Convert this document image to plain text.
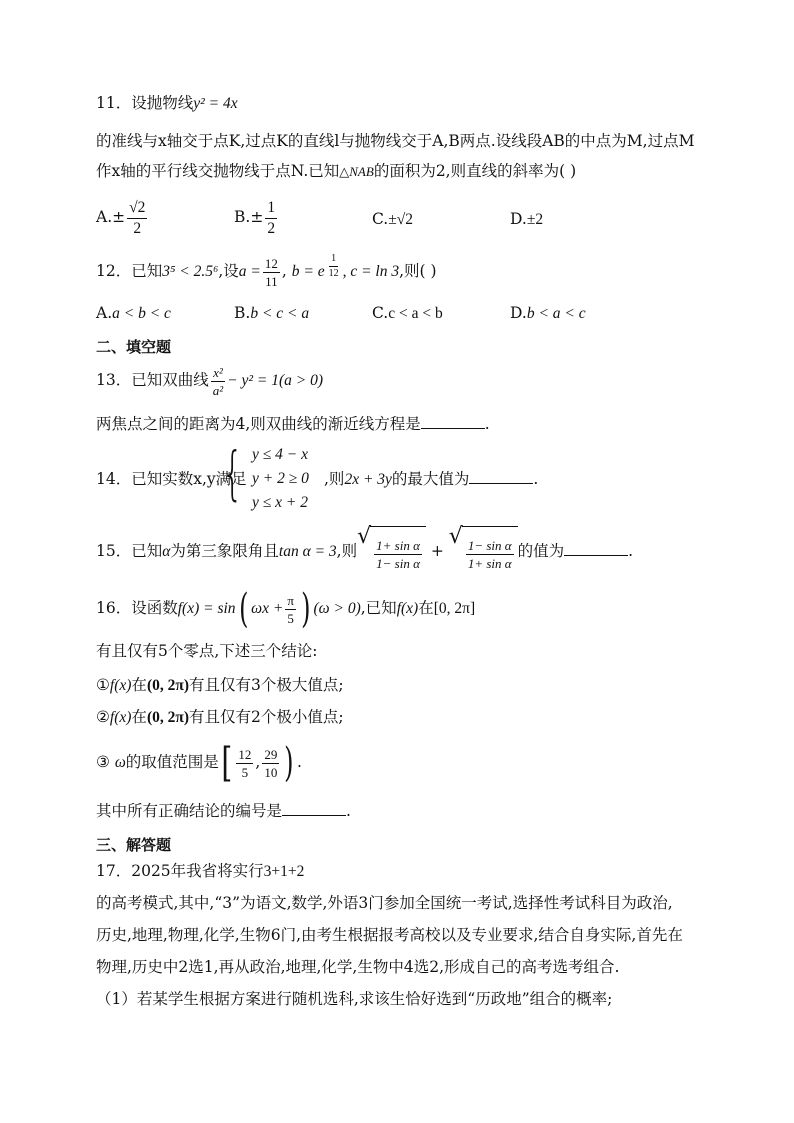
11．设抛物线y² = 4x
的准线与x轴交于点K,过点K的直线l与抛物线交于A,B两点.设线段AB的中点为M,过点M
作x轴的平行线交抛物线于点N.已知△NAB的面积为2,则直线的斜率为( )
$A.\pm \frac{√2}{2}$	$B.\pm \frac{1}{2}$	C.±√2	D.±2
12．已知3⁵ < 2.5⁶,设$a = \frac{12}{11}$ , b = e $\frac{1}{12}$ , c = ln 3,则( )
A.a < b < c	B.b < c < a	C.c < a < b	D.b < a < c
二、填空题
13．已知双曲线 $\frac{\text{x²}}{\text{a²}} - y^2 = 1(a > 0)$
两焦点之间的距离为4,则双曲线的渐近线方程是	.
14．已知实数x,y满足
{ y ≤ 4 − x
y + 2 ≥ 0
y ≤ x + 2
,则2x + 3y的最大值为	.
15．已知α为第三象限角且tan α = 3,则
√
$\frac{\text{1+ sin α}}{\text{1− sin α}}$ +
√
$\frac{\text{1− sin α}}{\text{1+ sin α}}$ 的值为	.
16．设函数f(x) = sin( $\omega x + \frac{\pi}{5}$ ) (ω > 0),已知f(x)在[0, 2π]
有且仅有5个零点,下述三个结论:
①f(x)在(0, 2π)有且仅有3个极大值点;
②f(x)在(0, 2π)有且仅有2个极小值点;
③ ω的取值范围是[ $\frac{12}{5}$ , $\frac{29}{10}$ ) .
其中所有正确结论的编号是	.
三、解答题
17．2025年我省将实行3+1+2
的高考模式,其中,“3”为语文,数学,外语3门参加全国统一考试,选择性考试科目为政治,
历史,地理,物理,化学,生物6门,由考生根据报考高校以及专业要求,结合自身实际,首先在
物理,历史中2选1,再从政治,地理,化学,生物中4选2,形成自己的高考选考组合.
（1）若某学生根据方案进行随机选科,求该生恰好选到“历政地”组合的概率;
